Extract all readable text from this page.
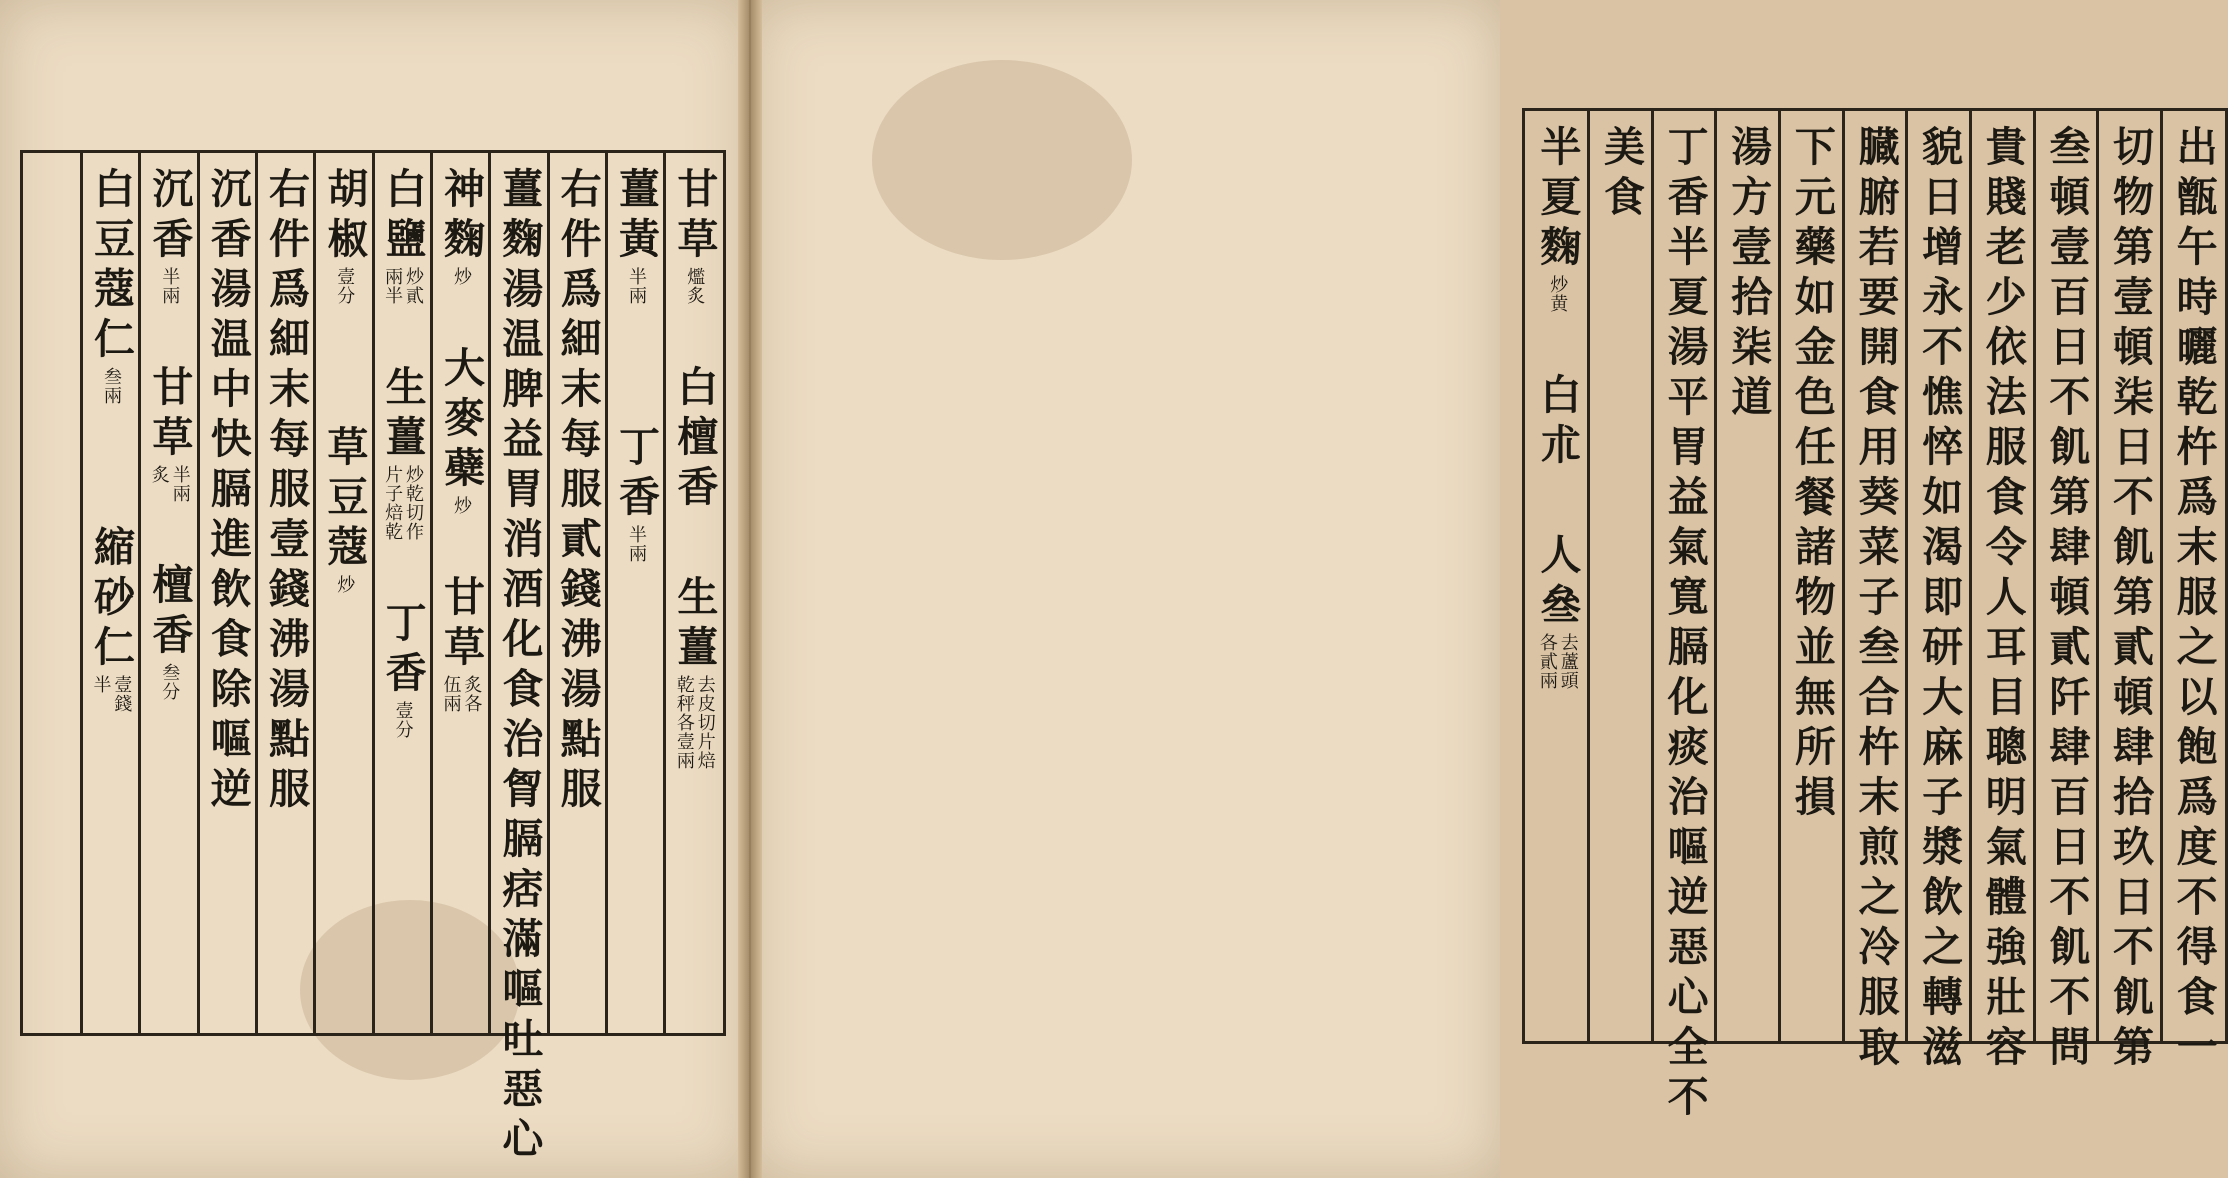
甘草
爁炙
白檀香
生薑
去皮切片焙
乾秤各壹兩
薑黃
半兩
丁香
半兩
右件爲細末每服貳錢沸湯點服
薑麴湯温脾益胃消酒化食治胷膈痞滿嘔吐惡心
神麴
炒
大麥蘗
炒
甘草
炙各
伍兩
白鹽
炒貳
兩半
生薑
炒乾切作
片子焙乾
丁香
壹分
胡椒
壹分
草豆蔻
炒
右件爲細末每服壹錢沸湯點服
沉香湯温中快膈進飲食除嘔逆
沉香
半兩
甘草
半兩
炙
檀香
叁分
白豆蔻仁
叁兩
縮砂仁
壹錢
半	出甑午時曬乾杵爲末服之以飽爲度不得食一
切物第壹頓柒日不飢第貳頓肆拾玖日不飢第
叁頓壹百日不飢第肆頓貳阡肆百日不飢不問
貴賤老少依法服食令人耳目聰明氣體強壯容
貌日增永不憔悴如渴即研大麻子漿飲之轉滋
臓腑若要開食用葵菜子叁合杵末煎之冷服取
下元藥如金色任餐諸物並無所損
湯方壹拾柒道
丁香半夏湯平胃益氣寬膈化痰治嘔逆惡心全不
美食
半夏麴
炒黄
白朮
人叄
去蘆頭
各貳兩
